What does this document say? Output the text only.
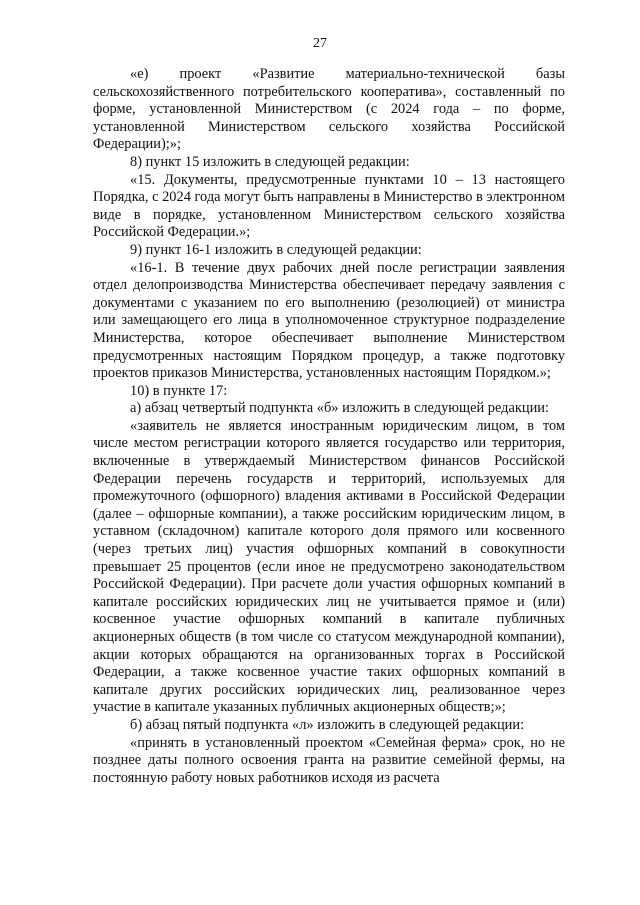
27

«е) проект «Развитие материально-технической базы сельскохозяйственного потребительского кооператива», составленный по форме, установленной Министерством (с 2024 года – по форме, установленной Министерством сельского хозяйства Российской Федерации);»;

8) пункт 15 изложить в следующей редакции:

«15. Документы, предусмотренные пунктами 10 – 13 настоящего Порядка, с 2024 года могут быть направлены в Министерство в электронном виде в порядке, установленном Министерством сельского хозяйства Российской Федерации.»;

9) пункт 16-1 изложить в следующей редакции:

«16-1. В течение двух рабочих дней после регистрации заявления отдел делопроизводства Министерства обеспечивает передачу заявления с документами с указанием по его выполнению (резолюцией) от министра или замещающего его лица в уполномоченное структурное подразделение Министерства, которое обеспечивает выполнение Министерством предусмотренных настоящим Порядком процедур, а также подготовку проектов приказов Министерства, установленных настоящим Порядком.»;

10) в пункте 17:

а) абзац четвертый подпункта «б» изложить в следующей редакции:

«заявитель не является иностранным юридическим лицом, в том числе местом регистрации которого является государство или территория, включенные в утверждаемый Министерством финансов Российской Федерации перечень государств и территорий, используемых для промежуточного (офшорного) владения активами в Российской Федерации (далее – офшорные компании), а также российским юридическим лицом, в уставном (складочном) капитале которого доля прямого или косвенного (через третьих лиц) участия офшорных компаний в совокупности превышает 25 процентов (если иное не предусмотрено законодательством Российской Федерации). При расчете доли участия офшорных компаний в капитале российских юридических лиц не учитывается прямое и (или) косвенное участие офшорных компаний в капитале публичных акционерных обществ (в том числе со статусом международной компании), акции которых обращаются на организованных торгах в Российской Федерации, а также косвенное участие таких офшорных компаний в капитале других российских юридических лиц, реализованное через участие в капитале указанных публичных акционерных обществ;»;

б) абзац пятый подпункта «л» изложить в следующей редакции:

«принять в установленный проектом «Семейная ферма» срок, но не позднее даты полного освоения гранта на развитие семейной фермы, на постоянную работу новых работников исходя из расчета
